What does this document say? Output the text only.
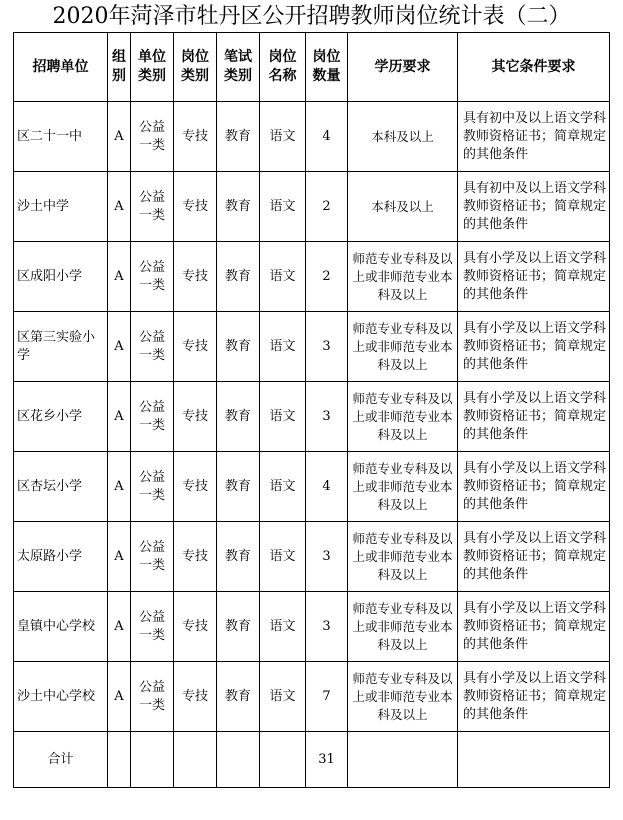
2020年菏泽市牡丹区公开招聘教师岗位统计表（二）
招聘单位	组别	单位类别	岗位类别	笔试类别	岗位名称	岗位数量	学历要求	其它条件要求
区二十一中	A	公益一类	专技	教育	语文	4	本科及以上	具有初中及以上语文学科教师资格证书；简章规定的其他条件
沙土中学	A	公益一类	专技	教育	语文	2	本科及以上	具有初中及以上语文学科教师资格证书；简章规定的其他条件
区成阳小学	A	公益一类	专技	教育	语文	2	师范专业专科及以上或非师范专业本科及以上	具有小学及以上语文学科教师资格证书；简章规定的其他条件
区第三实验小学	A	公益一类	专技	教育	语文	3	师范专业专科及以上或非师范专业本科及以上	具有小学及以上语文学科教师资格证书；简章规定的其他条件
区花乡小学	A	公益一类	专技	教育	语文	3	师范专业专科及以上或非师范专业本科及以上	具有小学及以上语文学科教师资格证书；简章规定的其他条件
区杏坛小学	A	公益一类	专技	教育	语文	4	师范专业专科及以上或非师范专业本科及以上	具有小学及以上语文学科教师资格证书；简章规定的其他条件
太原路小学	A	公益一类	专技	教育	语文	3	师范专业专科及以上或非师范专业本科及以上	具有小学及以上语文学科教师资格证书；简章规定的其他条件
皇镇中心学校	A	公益一类	专技	教育	语文	3	师范专业专科及以上或非师范专业本科及以上	具有小学及以上语文学科教师资格证书；简章规定的其他条件
沙土中心学校	A	公益一类	专技	教育	语文	7	师范专业专科及以上或非师范专业本科及以上	具有小学及以上语文学科教师资格证书；简章规定的其他条件
合计						31		
